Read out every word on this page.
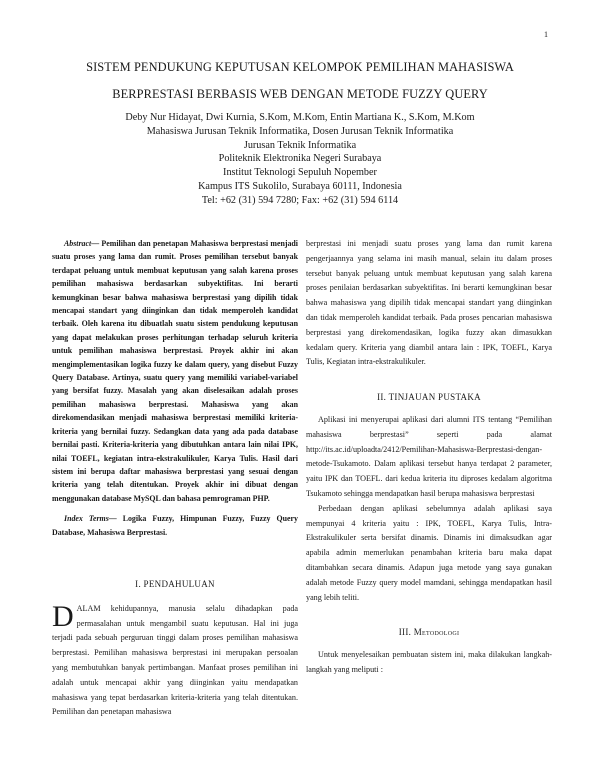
1
SISTEM PENDUKUNG KEPUTUSAN KELOMPOK PEMILIHAN MAHASISWA
BERPRESTASI BERBASIS WEB DENGAN METODE FUZZY QUERY
Deby Nur Hidayat, Dwi Kurnia, S.Kom, M.Kom, Entin Martiana K., S.Kom, M.Kom
Mahasiswa Jurusan Teknik Informatika, Dosen Jurusan Teknik Informatika
Jurusan Teknik Informatika
Politeknik Elektronika Negeri Surabaya
Institut Teknologi Sepuluh Nopember
Kampus ITS Sukolilo, Surabaya 60111, Indonesia
Tel: +62 (31) 594 7280; Fax: +62 (31) 594 6114

Abstract— Pemilihan dan penetapan Mahasiswa berprestasi menjadi suatu proses yang lama dan rumit. Proses pemilihan tersebut banyak terdapat peluang untuk membuat keputusan yang salah karena proses pemilihan mahasiswa berdasarkan subyektifitas. Ini berarti kemungkinan besar bahwa mahasiswa berprestasi yang dipilih tidak mencapai standart yang diinginkan dan tidak memperoleh kandidat terbaik. Oleh karena itu dibuatlah suatu sistem pendukung keputusan yang dapat melakukan proses perhitungan terhadap seluruh kriteria untuk pemilihan mahasiswa berprestasi. Proyek akhir ini akan mengimplementasikan logika fuzzy ke dalam query, yang disebut Fuzzy Query Database. Artinya, suatu query yang memiliki variabel-variabel yang bersifat fuzzy. Masalah yang akan diselesaikan adalah proses pemilihan mahasiswa berprestasi. Mahasiswa yang akan direkomendasikan menjadi mahasiswa berprestasi memiliki kriteria-kriteria yang bernilai fuzzy. Sedangkan data yang ada pada database bernilai pasti. Kriteria-kriteria yang dibutuhkan antara lain nilai IPK, nilai TOEFL, kegiatan intra-ekstrakulikuler, Karya Tulis. Hasil dari sistem ini berupa daftar mahasiswa berprestasi yang sesuai dengan kriteria yang telah ditentukan. Proyek akhir ini dibuat dengan menggunakan database MySQL dan bahasa pemrograman PHP.

Index Terms— Logika Fuzzy, Himpunan Fuzzy, Fuzzy Query Database, Mahasiswa Berprestasi.

I. PENDAHULUAN

DALAM kehidupannya, manusia selalu dihadapkan pada permasalahan untuk mengambil suatu keputusan. Hal ini juga terjadi pada sebuah perguruan tinggi dalam proses pemilihan mahasiswa berprestasi. Pemilihan mahasiswa berprestasi ini merupakan persoalan yang membutuhkan banyak pertimbangan. Manfaat proses pemilihan ini adalah untuk mencapai akhir yang diinginkan yaitu mendapatkan mahasiswa yang tepat berdasarkan kriteria-kriteria yang telah ditentukan. Pemilihan dan penetapan mahasiswa

berprestasi ini menjadi suatu proses yang lama dan rumit karena pengerjaannya yang selama ini masih manual, selain itu dalam proses tersebut banyak peluang untuk membuat keputusan yang salah karena proses penilaian berdasarkan subyektifitas. Ini berarti kemungkinan besar bahwa mahasiswa yang dipilih tidak mencapai standart yang diinginkan dan tidak memperoleh kandidat terbaik. Pada proses pencarian mahasiswa berprestasi yang direkomendasikan, logika fuzzy akan dimasukkan kedalam query. Kriteria yang diambil antara lain : IPK, TOEFL, Karya Tulis, Kegiatan intra-ekstrakulikuler.

II. TINJAUAN PUSTAKA

Aplikasi ini menyerupai aplikasi dari alumni ITS tentang “Pemilihan mahasiswa berprestasi” seperti pada alamat http://its.ac.id/uploadta/2412/Pemilihan-Mahasiswa-Berprestasi-dengan-metode-Tsukamoto. Dalam aplikasi tersebut hanya terdapat 2 parameter, yaitu IPK dan TOEFL. dari kedua kriteria itu diproses kedalam algoritma Tsukamoto sehingga mendapatkan hasil berupa mahasiswa berprestasi

Perbedaan dengan aplikasi sebelumnya adalah aplikasi saya mempunyai 4 kriteria yaitu : IPK, TOEFL, Karya Tulis, Intra-Ekstrakulikuler serta bersifat dinamis. Dinamis ini dimaksudkan agar apabila admin memerlukan penambahan kriteria baru maka dapat ditambahkan secara dinamis. Adapun juga metode yang saya gunakan adalah metode Fuzzy query model mamdani, sehingga mendapatkan hasil yang lebih teliti.

III. Metodologi

Untuk menyelesaikan pembuatan sistem ini, maka dilakukan langkah-langkah yang meliputi :
